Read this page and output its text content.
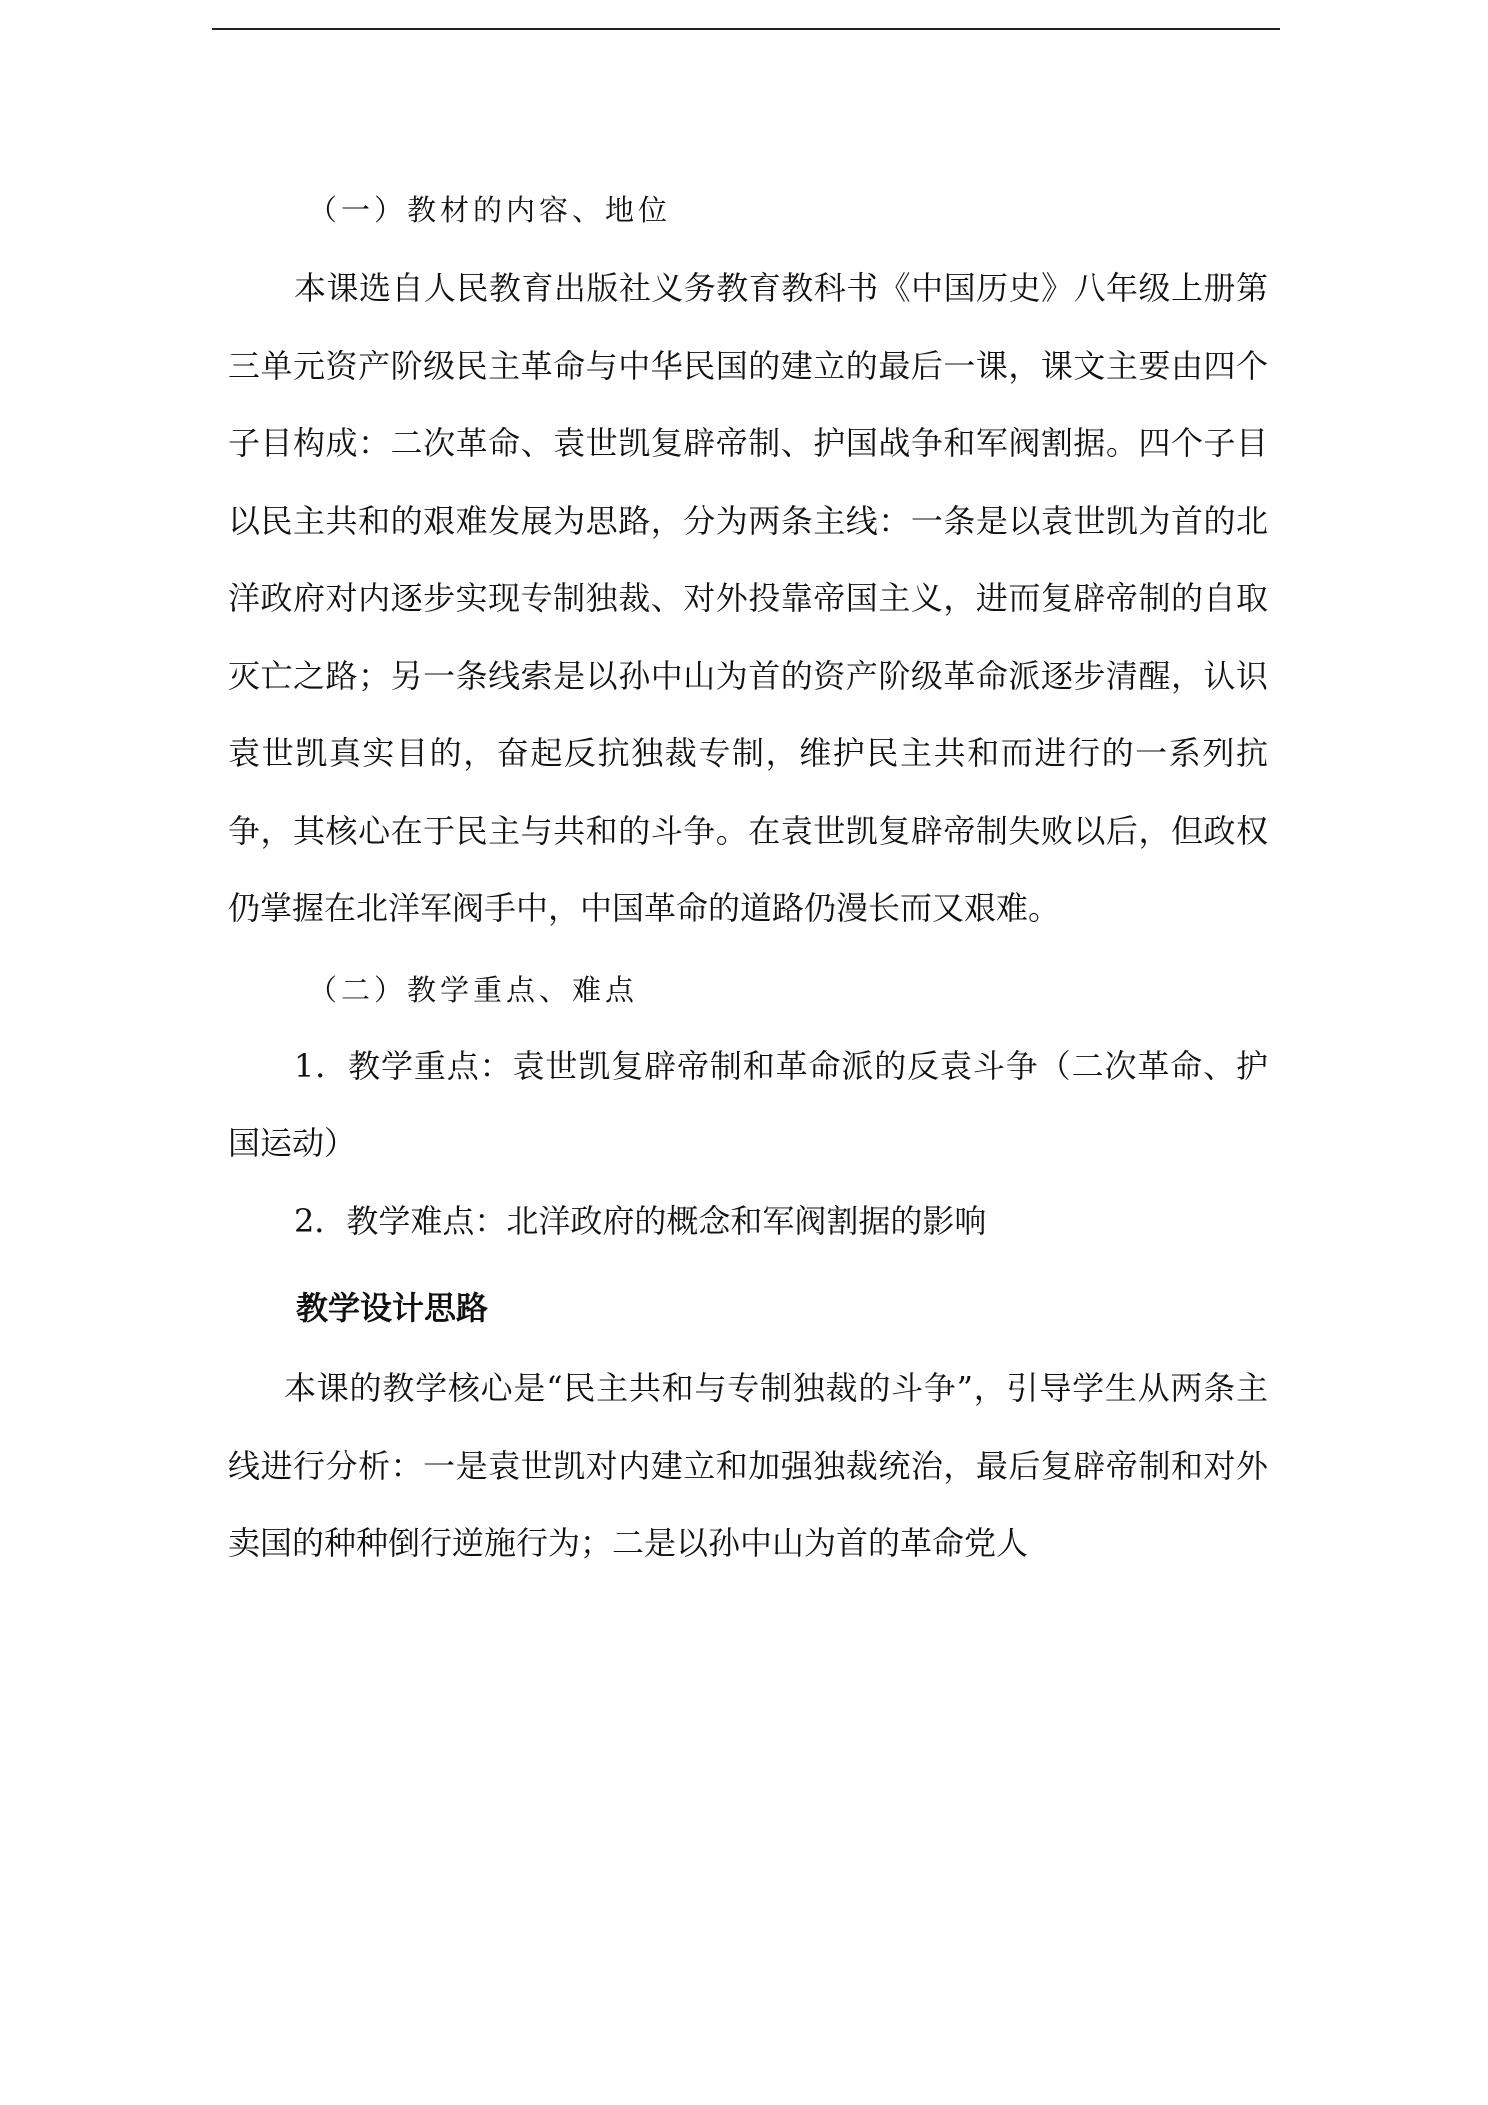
（一）教材的内容、地位

本课选自人民教育出版社义务教育教科书《中国历史》八年级上册第三单元资产阶级民主革命与中华民国的建立的最后一课，课文主要由四个子目构成：二次革命、袁世凯复辟帝制、护国战争和军阀割据。四个子目以民主共和的艰难发展为思路，分为两条主线：一条是以袁世凯为首的北洋政府对内逐步实现专制独裁、对外投靠帝国主义，进而复辟帝制的自取灭亡之路；另一条线索是以孙中山为首的资产阶级革命派逐步清醒，认识袁世凯真实目的，奋起反抗独裁专制，维护民主共和而进行的一系列抗争，其核心在于民主与共和的斗争。在袁世凯复辟帝制失败以后，但政权仍掌握在北洋军阀手中，中国革命的道路仍漫长而又艰难。

（二）教学重点、难点

1．教学重点：袁世凯复辟帝制和革命派的反袁斗争（二次革命、护国运动）

2．教学难点：北洋政府的概念和军阀割据的影响

教学设计思路

本课的教学核心是“民主共和与专制独裁的斗争”，引导学生从两条主线进行分析：一是袁世凯对内建立和加强独裁统治，最后复辟帝制和对外卖国的种种倒行逆施行为；二是以孙中山为首的革命党人
